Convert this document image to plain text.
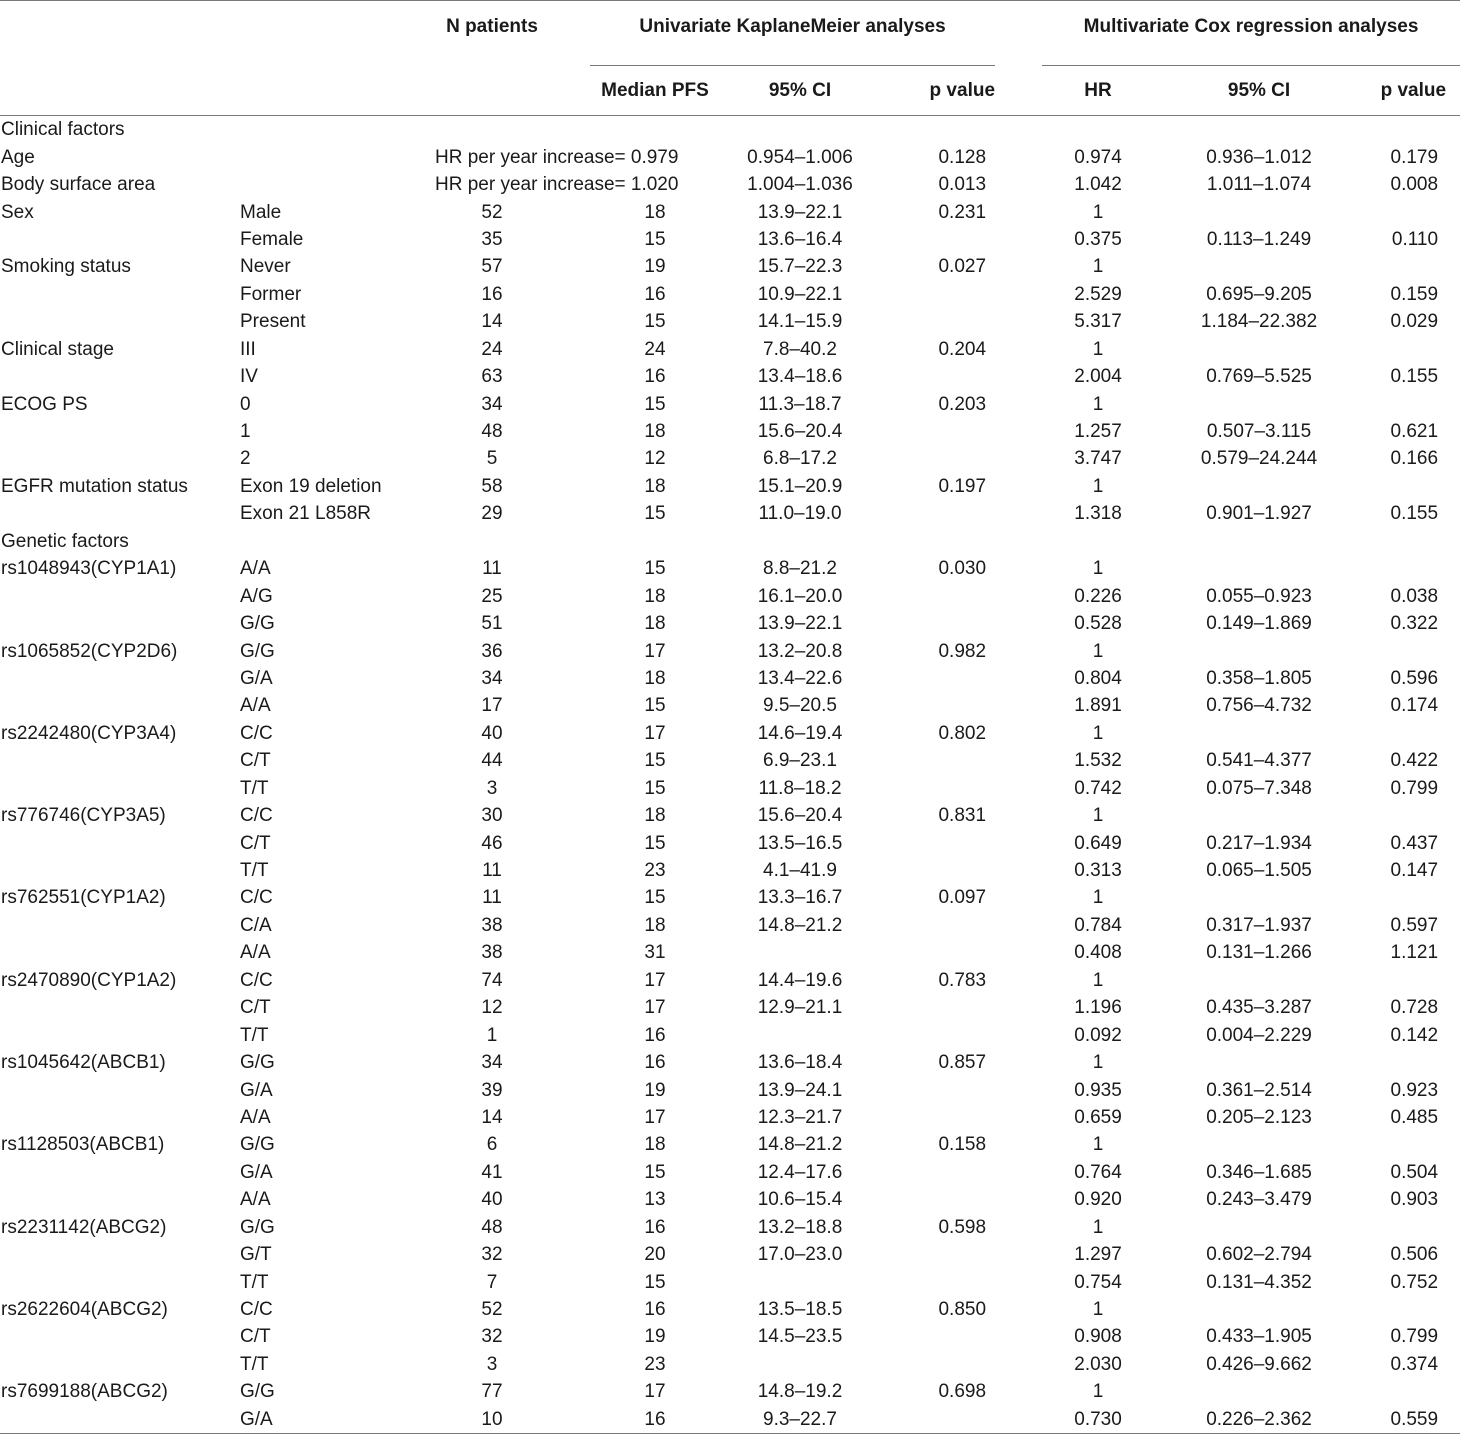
		N patients	Univariate KaplaneMeier analyses				Multivariate Cox regression analyses		

			Median PFS	95% CI	p value		HR	95% CI	p value
Clinical factors									
Age		HR per year increase= 0.979		0.954–1.006	0.128		0.974	0.936–1.012	0.179
Body surface area		HR per year increase= 1.020		1.004–1.036	0.013		1.042	1.011–1.074	0.008
Sex	Male	52	18	13.9–22.1	0.231		1		
	Female	35	15	13.6–16.4			0.375	0.113–1.249	0.110
Smoking status	Never	57	19	15.7–22.3	0.027		1		
	Former	16	16	10.9–22.1			2.529	0.695–9.205	0.159
	Present	14	15	14.1–15.9			5.317	1.184–22.382	0.029
Clinical stage	III	24	24	7.8–40.2	0.204		1		
	IV	63	16	13.4–18.6			2.004	0.769–5.525	0.155
ECOG PS	0	34	15	11.3–18.7	0.203		1		
	1	48	18	15.6–20.4			1.257	0.507–3.115	0.621
	2	5	12	6.8–17.2			3.747	0.579–24.244	0.166
EGFR mutation status	Exon 19 deletion	58	18	15.1–20.9	0.197		1		
	Exon 21 L858R	29	15	11.0–19.0			1.318	0.901–1.927	0.155
Genetic factors									
rs1048943(CYP1A1)	A/A	11	15	8.8–21.2	0.030		1		
	A/G	25	18	16.1–20.0			0.226	0.055–0.923	0.038
	G/G	51	18	13.9–22.1			0.528	0.149–1.869	0.322
rs1065852(CYP2D6)	G/G	36	17	13.2–20.8	0.982		1		
	G/A	34	18	13.4–22.6			0.804	0.358–1.805	0.596
	A/A	17	15	9.5–20.5			1.891	0.756–4.732	0.174
rs2242480(CYP3A4)	C/C	40	17	14.6–19.4	0.802		1		
	C/T	44	15	6.9–23.1			1.532	0.541–4.377	0.422
	T/T	3	15	11.8–18.2			0.742	0.075–7.348	0.799
rs776746(CYP3A5)	C/C	30	18	15.6–20.4	0.831		1		
	C/T	46	15	13.5–16.5			0.649	0.217–1.934	0.437
	T/T	11	23	4.1–41.9			0.313	0.065–1.505	0.147
rs762551(CYP1A2)	C/C	11	15	13.3–16.7	0.097		1		
	C/A	38	18	14.8–21.2			0.784	0.317–1.937	0.597
	A/A	38	31				0.408	0.131–1.266	1.121
rs2470890(CYP1A2)	C/C	74	17	14.4–19.6	0.783		1		
	C/T	12	17	12.9–21.1			1.196	0.435–3.287	0.728
	T/T	1	16				0.092	0.004–2.229	0.142
rs1045642(ABCB1)	G/G	34	16	13.6–18.4	0.857		1		
	G/A	39	19	13.9–24.1			0.935	0.361–2.514	0.923
	A/A	14	17	12.3–21.7			0.659	0.205–2.123	0.485
rs1128503(ABCB1)	G/G	6	18	14.8–21.2	0.158		1		
	G/A	41	15	12.4–17.6			0.764	0.346–1.685	0.504
	A/A	40	13	10.6–15.4			0.920	0.243–3.479	0.903
rs2231142(ABCG2)	G/G	48	16	13.2–18.8	0.598		1		
	G/T	32	20	17.0–23.0			1.297	0.602–2.794	0.506
	T/T	7	15				0.754	0.131–4.352	0.752
rs2622604(ABCG2)	C/C	52	16	13.5–18.5	0.850		1		
	C/T	32	19	14.5–23.5			0.908	0.433–1.905	0.799
	T/T	3	23				2.030	0.426–9.662	0.374
rs7699188(ABCG2)	G/G	77	17	14.8–19.2	0.698		1		
	G/A	10	16	9.3–22.7			0.730	0.226–2.362	0.559
